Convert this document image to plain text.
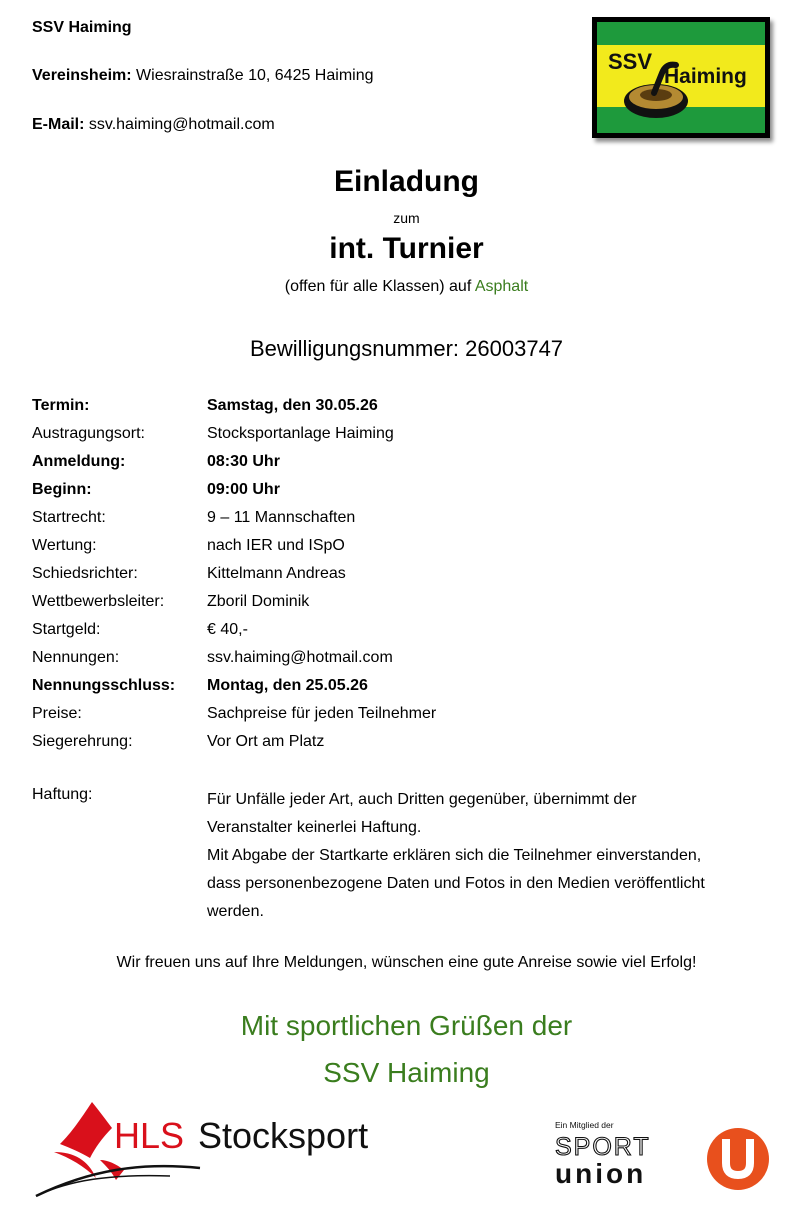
SSV Haiming
Vereinsheim: Wiesrainstraße 10, 6425 Haiming
E-Mail: ssv.haiming@hotmail.com
SSV
Haiming
Einladung
zum
int. Turnier
(offen für alle Klassen) auf Asphalt
Bewilligungsnummer: 26003747
Termin:	Samstag, den 30.05.26
Austragungsort:	Stocksportanlage Haiming
Anmeldung:	08:30 Uhr
Beginn:	09:00 Uhr
Startrecht:	9 – 11 Mannschaften
Wertung:	nach IER und ISpO
Schiedsrichter:	Kittelmann Andreas
Wettbewerbsleiter:	Zboril Dominik
Startgeld:	€ 40,-
Nennungen:	ssv.haiming@hotmail.com
Nennungsschluss: Montag, den 25.05.26
Preise:	Sachpreise für jeden Teilnehmer
Siegerehrung:	Vor Ort am Platz
Haftung:	Für Unfälle jeder Art, auch Dritten gegenüber, übernimmt der
Veranstalter keinerlei Haftung.
Mit Abgabe der Startkarte erklären sich die Teilnehmer einverstanden,
dass personenbezogene Daten und Fotos in den Medien veröffentlicht
werden.
Wir freuen uns auf Ihre Meldungen, wünschen eine gute Anreise sowie viel Erfolg!
Mit sportlichen Grüßen der
SSV Haiming
HLS Stocksport	Ein Mitglied der
SPORT
union
